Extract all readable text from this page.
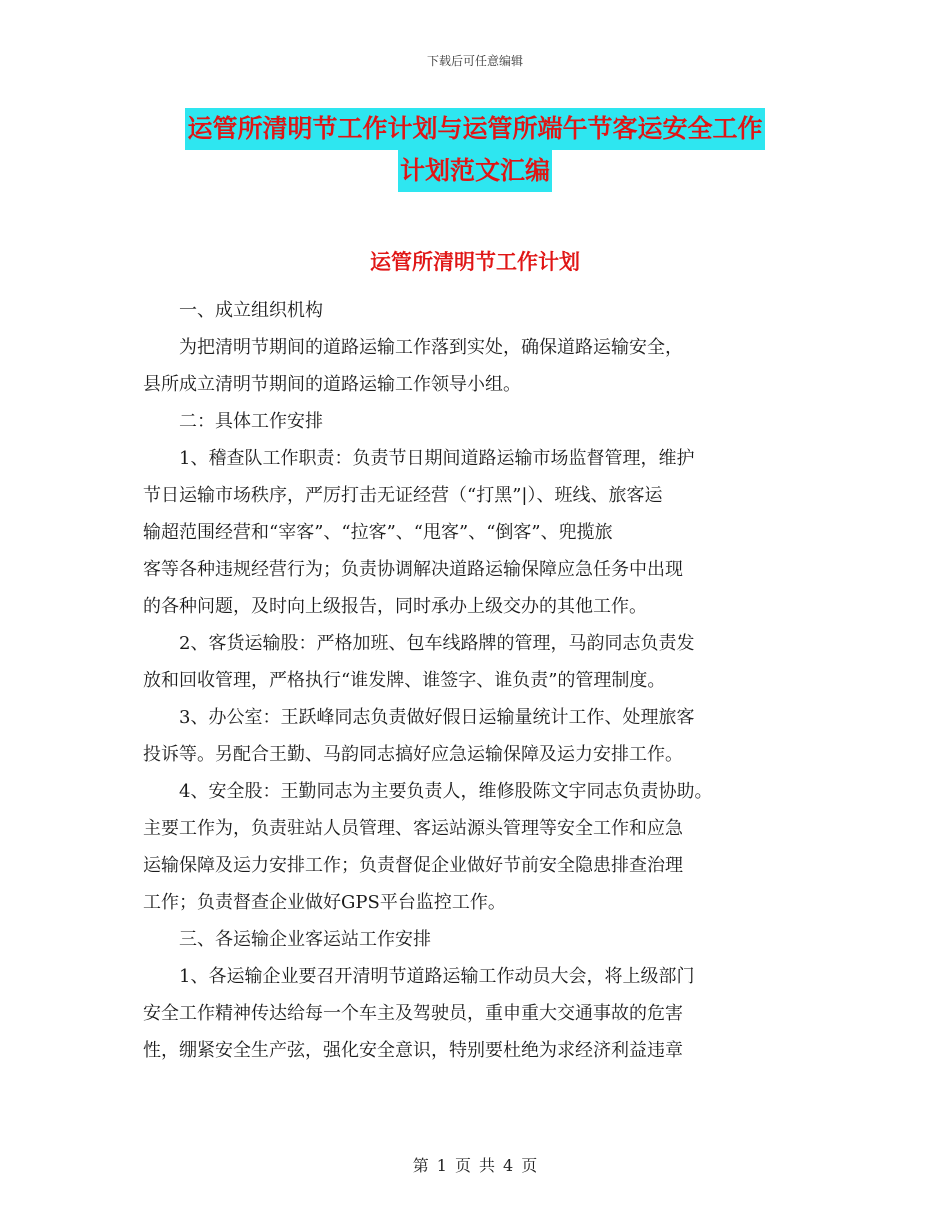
下载后可任意编辑
运管所清明节工作计划与运管所端午节客运安全工作
计划范文汇编
运管所清明节工作计划

　　一、成立组织机构

　　为把清明节期间的道路运输工作落到实处，确保道路运输安全，

县所成立清明节期间的道路运输工作领导小组。

　　二：具体工作安排

　　1、稽查队工作职责：负责节日期间道路运输市场监督管理，维护

节日运输市场秩序，严厉打击无证经营（“打黑”|）、班线、旅客运

输超范围经营和“宰客”、“拉客”、“甩客”、“倒客”、兜揽旅

客等各种违规经营行为；负责协调解决道路运输保障应急任务中出现

的各种问题，及时向上级报告，同时承办上级交办的其他工作。

　　2、客货运输股：严格加班、包车线路牌的管理，马韵同志负责发

放和回收管理，严格执行“谁发牌、谁签字、谁负责”的管理制度。

　　3、办公室：王跃峰同志负责做好假日运输量统计工作、处理旅客

投诉等。另配合王勤、马韵同志搞好应急运输保障及运力安排工作。

　　4、安全股：王勤同志为主要负责人，维修股陈文宇同志负责协助。

主要工作为，负责驻站人员管理、客运站源头管理等安全工作和应急

运输保障及运力安排工作；负责督促企业做好节前安全隐患排查治理

工作；负责督查企业做好GPS平台监控工作。

　　三、各运输企业客运站工作安排

　　1、各运输企业要召开清明节道路运输工作动员大会，将上级部门

安全工作精神传达给每一个车主及驾驶员，重申重大交通事故的危害

性，绷紧安全生产弦，强化安全意识，特别要杜绝为求经济利益违章

第 1 页 共 4 页
